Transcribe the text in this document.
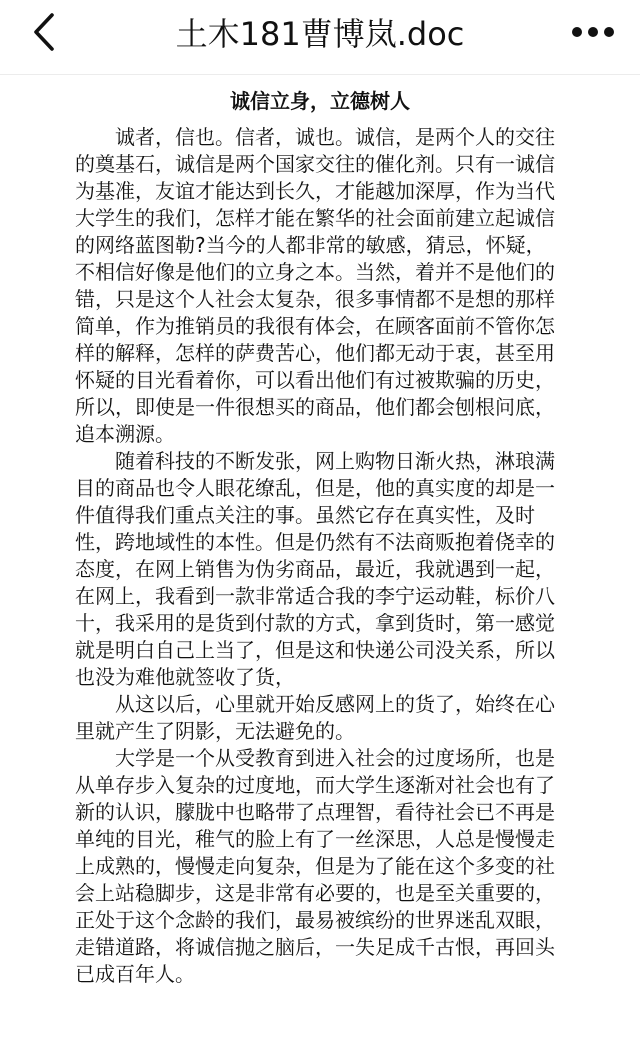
土木181曹博岚.doc
诚信立身，立德树人

诚者，信也。信者，诚也。诚信，是两个人的交往的奠基石，诚信是两个国家交往的催化剂。只有一诚信为基准，友谊才能达到长久，才能越加深厚，作为当代大学生的我们，怎样才能在繁华的社会面前建立起诚信的网络蓝图勒?当今的人都非常的敏感，猜忌，怀疑，不相信好像是他们的立身之本。当然，着并不是他们的错，只是这个人社会太复杂，很多事情都不是想的那样简单，作为推销员的我很有体会，在顾客面前不管你怎样的解释，怎样的萨费苦心，他们都无动于衷，甚至用怀疑的目光看着你，可以看出他们有过被欺骗的历史，所以，即使是一件很想买的商品，他们都会刨根问底，追本溯源。

随着科技的不断发张，网上购物日渐火热，淋琅满目的商品也令人眼花缭乱，但是，他的真实度的却是一件值得我们重点关注的事。虽然它存在真实性，及时性，跨地域性的本性。但是仍然有不法商贩抱着侥幸的态度，在网上销售为伪劣商品，最近，我就遇到一起，在网上，我看到一款非常适合我的李宁运动鞋，标价八十，我采用的是货到付款的方式，拿到货时，第一感觉就是明白自己上当了，但是这和快递公司没关系，所以也没为难他就签收了货，

从这以后，心里就开始反感网上的货了，始终在心里就产生了阴影，无法避免的。

大学是一个从受教育到进入社会的过度场所，也是从单存步入复杂的过度地，而大学生逐渐对社会也有了新的认识，朦胧中也略带了点理智，看待社会已不再是单纯的目光，稚气的脸上有了一丝深思，人总是慢慢走上成熟的，慢慢走向复杂，但是为了能在这个多变的社会上站稳脚步，这是非常有必要的，也是至关重要的，正处于这个念龄的我们，最易被缤纷的世界迷乱双眼，走错道路，将诚信抛之脑后，一失足成千古恨，再回头已成百年人。
